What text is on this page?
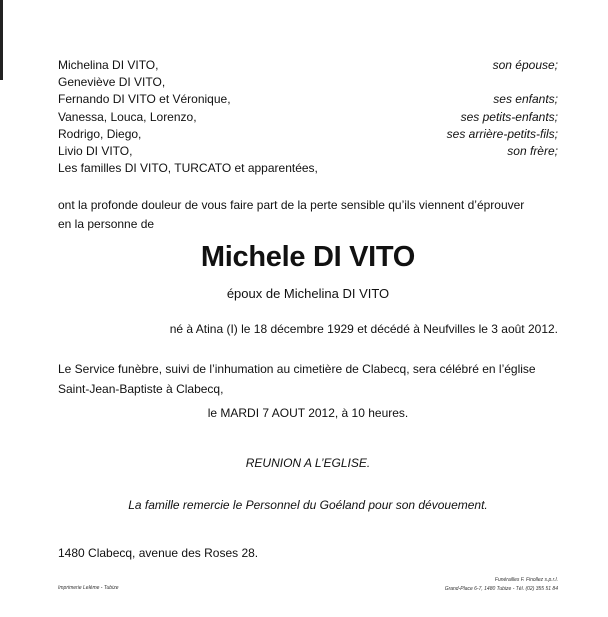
Michelina DI VITO,	son épouse;
Geneviève DI VITO,
Fernando DI VITO et Véronique,	ses enfants;
Vanessa, Louca, Lorenzo,	ses petits-enfants;
Rodrigo, Diego,	ses arrière-petits-fils;
Livio DI VITO,	son frère;
Les familles DI VITO, TURCATO et apparentées,
ont la profonde douleur de vous faire part de la perte sensible qu’ils viennent d’éprouver
en la personne de
Michele DI VITO
époux de Michelina DI VITO
né à Atina (I) le 18 décembre 1929 et décédé à Neufvilles le 3 août 2012.
Le Service funèbre, suivi de l’inhumation au cimetière de Clabecq, sera célébré en l’église
Saint-Jean-Baptiste à Clabecq,
le MARDI 7 AOUT 2012, à 10 heures.
REUNION A L’EGLISE.
La famille remercie le Personnel du Goéland pour son dévouement.
1480 Clabecq, avenue des Roses 28.
Imprimerie Leléme - Tubize
Funérailles F. Finollez s.p.r.l.
Grand-Place 6-7, 1480 Tubize - Tél. (02) 355 51 84
